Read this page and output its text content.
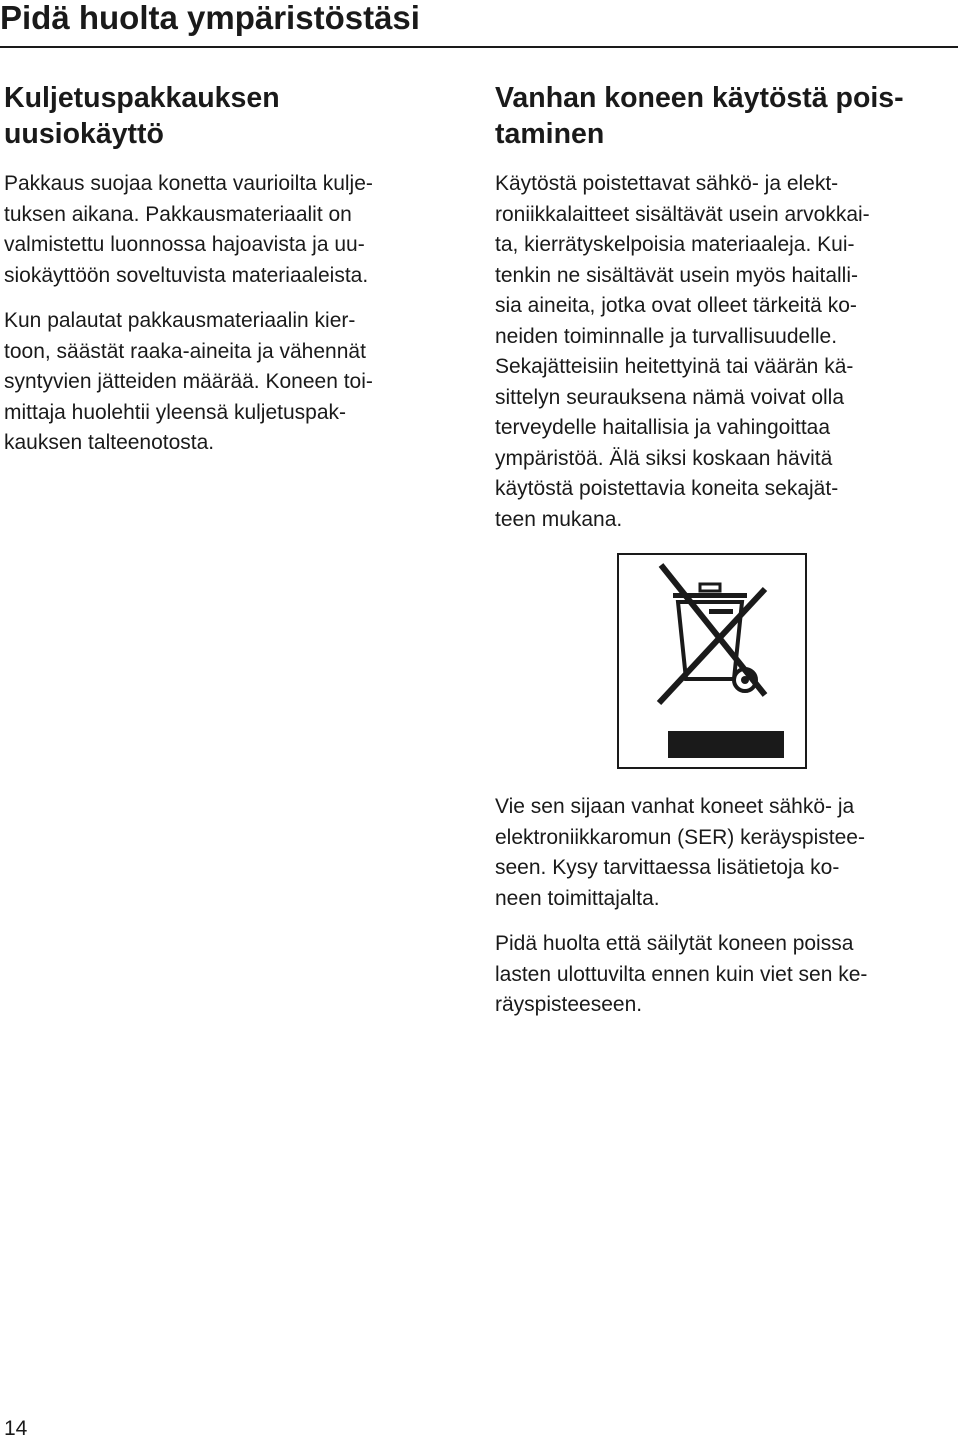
Pidä huolta ympäristöstäsi
Kuljetuspakkauksen
uusiokäyttö

Pakkaus suojaa konetta vaurioilta kulje-
tuksen aikana. Pakkausmateriaalit on
valmistettu luonnossa hajoavista ja uu-
siokäyttöön soveltuvista materiaaleista.

Kun palautat pakkausmateriaalin kier-
toon, säästät raaka-aineita ja vähennät
syntyvien jätteiden määrää. Koneen toi-
mittaja huolehtii yleensä kuljetuspak-
kauksen talteenotosta.

Vanhan koneen käytöstä pois-
taminen

Käytöstä poistettavat sähkö- ja elekt-
roniikkalaitteet sisältävät usein arvokkai-
ta, kierrätyskelpoisia materiaaleja. Kui-
tenkin ne sisältävät usein myös haitalli-
sia aineita, jotka ovat olleet tärkeitä ko-
neiden toiminnalle ja turvallisuudelle.
Sekajätteisiin heitettyinä tai väärän kä-
sittelyn seurauksena nämä voivat olla
terveydelle haitallisia ja vahingoittaa
ympäristöä. Älä siksi koskaan hävitä
käytöstä poistettavia koneita sekajät-
teen mukana.

Vie sen sijaan vanhat koneet sähkö- ja
elektroniikkaromun (SER) keräyspistee-
seen. Kysy tarvittaessa lisätietoja ko-
neen toimittajalta.

Pidä huolta että säilytät koneen poissa
lasten ulottuvilta ennen kuin viet sen ke-
räyspisteeseen.

14
